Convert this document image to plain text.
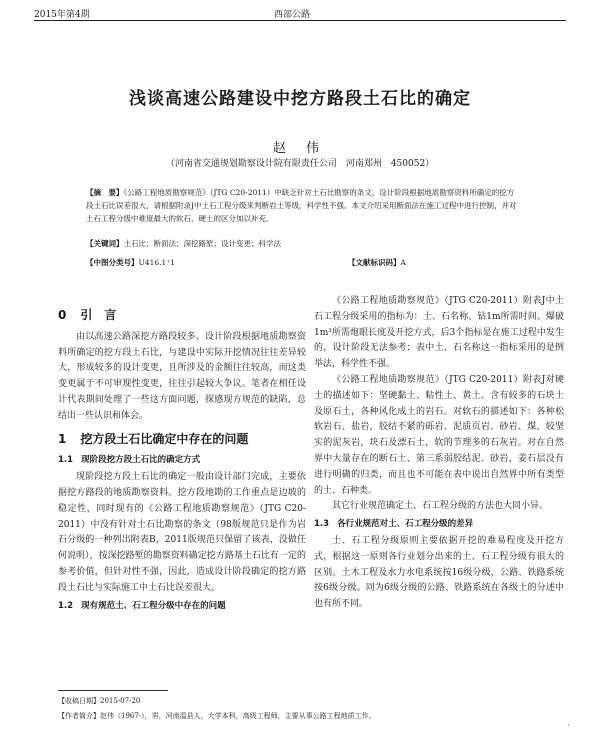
2015年第4期	西部公路
浅谈高速公路建设中挖方路段土石比的确定
赵 伟
（河南省交通规划勘察设计院有限责任公司　河南郑州　450052）
【摘　要】《公路工程地质勘察规范》（JTG C20-2011）中缺乏针对土石比勘察的条文，设计阶段根据地质勘察资料所确定的挖方段土石比误差很大，请根据附录J中土石工程分级来判断岩土等级，科学性不强。本文介绍采用断面法在施工过程中进行控制，并对土石工程分级中难度最大的软石、硬土的区分加以补充。
【关键词】土石比；断面法；深挖路堑；设计变更；科学法
【中图分类号】U416.1⁺1	【文献标识码】A
0 引　言

由以高速公路深挖方路段较多、设计阶段根据地质勘察资料所确定的挖方段土石比，与建设中实际开挖情况往往差异较大，形成较多的设计变更，且所涉及的金额往往较高，而这类变更属于不可审现性变更，往往引起较大争议。笔者在相任设计代表期间处理了一些这方面问题，探感现方规范的缺陷，总结出一些认识和体会。

1 挖方段土石比确定中存在的问题
1.1 现阶段挖方段土石比的确定方式

现阶段挖方段土石比的确定一般由设计部门完成，主要依据挖方路段的地质勘察资料。挖方段地勘的工作重点是边坡的稳定性，同时现有的《公路工程地质勘察规范》（JTG C20-2011）中没有针对土石比勘察的条文（98版规范只是作为岩石分级的一种列出附表B，2011版规范只保留了该表，没做任何说明），按深挖路堑的勘察资料确定挖方路基土石比有一定的参考价值，但针对性不强，因此，造成设计阶段确定的挖方路段土石比与实际施工中土石比误差很大。

1.2 现有规范土、石工程分级中存在的问题

《公路工程地质勘察规范》（JTG C20-2011）附表J中土石工程分级采用的指标为：土、石名称、钻1m所需时间、爆破1m³所需炮眼长度及开挖方式，后3个指标是在施工过程中发生的，设计阶段无法参考；表中土、石名称这一指标采用的是例举法，科学性不强。

《公路工程地质勘察规范》（JTG C20-2011）附表J对硬土的描述如下：坚硬黏土、粘性土、黄土、含有较多的石块土及原石土，各种风化成土的岩石。对软石的描述如下：各种松软岩石、盐岩，胶结不紧的砾岩、泥质页岩、砂岩、煤，较坚实的泥灰岩，块石及漂石土，软的节理多的石灰岩。对在自然界中大量存在的断石土、第三系弱胶结泥、砂岩，姜石层没有进行明确的归类，而且也不可能在表中说出自然界中所有类型的土、石种类。

其它行业规范确定土、石工程分级的方法也大同小异。

1.3 各行业规范对土、石工程分级的差异

土、石工程分级原则主要依据开挖的难易程度及开挖方式，根据这一原则各行业划分出来的土、石工程分级有很大的区别。土木工程及水力水电系统按16级分级，公路、铁路系统按6级分级。同为6级分级的公路、铁路系统在各级土的分述中也有所不同。

【收稿日期】2015-07-20
【作者简介】赵伟（1967-），男，河南温县人，大学本科，高级工程师，主要从事公路工程地质工作。
·
